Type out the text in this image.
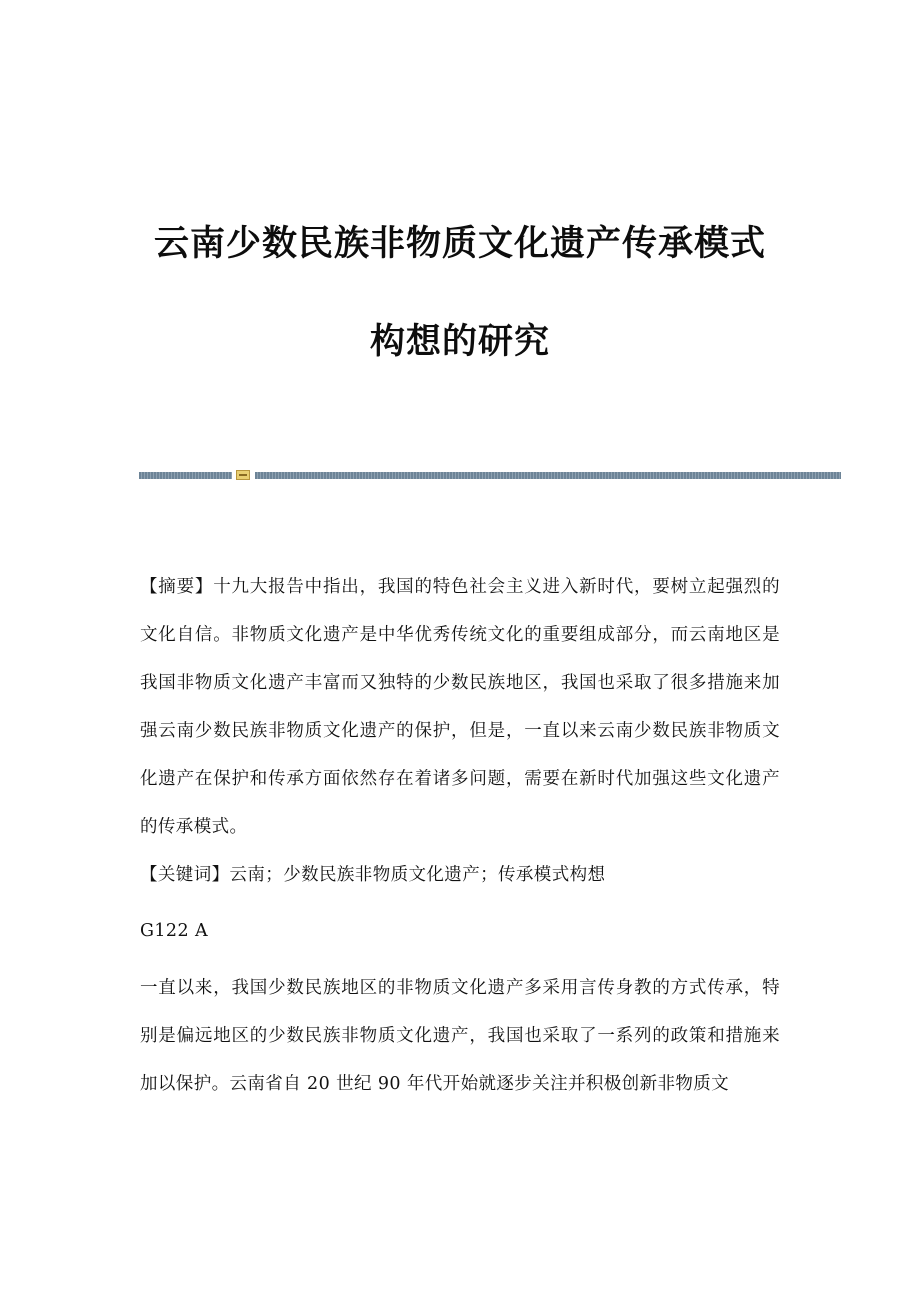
云南少数民族非物质文化遗产传承模式
构想的研究

【摘要】十九大报告中指出，我国的特色社会主义进入新时代，要树立起强烈的文化自信。非物质文化遗产是中华优秀传统文化的重要组成部分，而云南地区是我国非物质文化遗产丰富而又独特的少数民族地区，我国也采取了很多措施来加强云南少数民族非物质文化遗产的保护，但是，一直以来云南少数民族非物质文化遗产在保护和传承方面依然存在着诸多问题，需要在新时代加强这些文化遗产的传承模式。

【关键词】云南；少数民族非物质文化遗产；传承模式构想

G122 A

一直以来，我国少数民族地区的非物质文化遗产多采用言传身教的方式传承，特别是偏远地区的少数民族非物质文化遗产，我国也采取了一系列的政策和措施来加以保护。云南省自 20 世纪 90 年代开始就逐步关注并积极创新非物质文
